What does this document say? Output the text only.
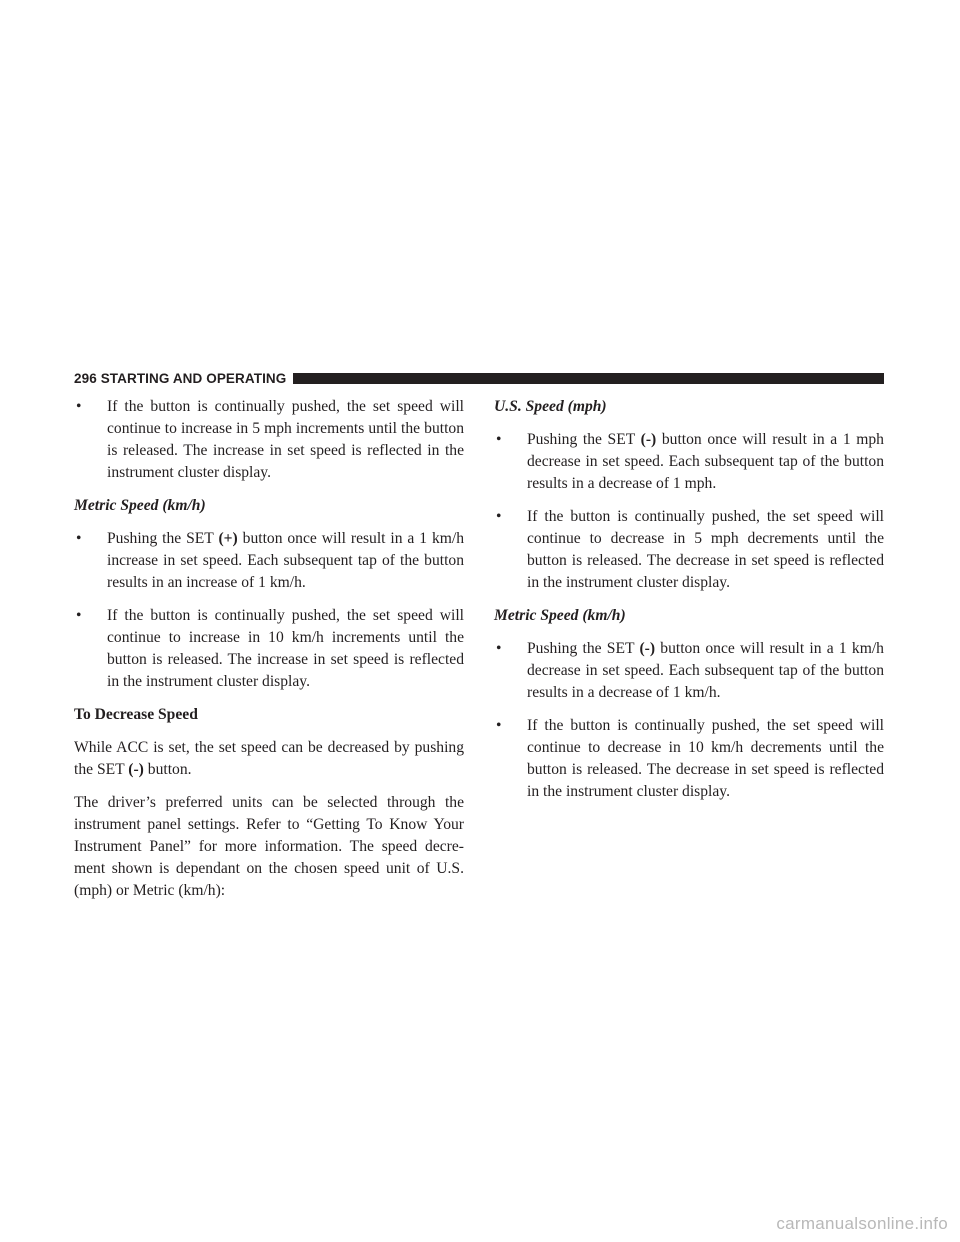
296 STARTING AND OPERATING
• If the button is continually pushed, the set speed will continue to increase in 5 mph increments until the button is released. The increase in set speed is reflected in the instrument cluster display.
Metric Speed (km/h)
• Pushing the SET (+) button once will result in a 1 km/h increase in set speed. Each subsequent tap of the button results in an increase of 1 km/h.
• If the button is continually pushed, the set speed will continue to increase in 10 km/h increments until the button is released. The increase in set speed is reflected in the instrument cluster display.
To Decrease Speed
While ACC is set, the set speed can be decreased by pushing the SET (-) button.
The driver’s preferred units can be selected through the instrument panel settings. Refer to “Getting To Know Your Instrument Panel” for more information. The speed decre-ment shown is dependant on the chosen speed unit of U.S. (mph) or Metric (km/h):
U.S. Speed (mph)
• Pushing the SET (-) button once will result in a 1 mph decrease in set speed. Each subsequent tap of the button results in a decrease of 1 mph.
• If the button is continually pushed, the set speed will continue to decrease in 5 mph decrements until the button is released. The decrease in set speed is reflected in the instrument cluster display.
Metric Speed (km/h)
• Pushing the SET (-) button once will result in a 1 km/h decrease in set speed. Each subsequent tap of the button results in a decrease of 1 km/h.
• If the button is continually pushed, the set speed will continue to decrease in 10 km/h decrements until the button is released. The decrease in set speed is reflected in the instrument cluster display.
carmanualsonline.info
